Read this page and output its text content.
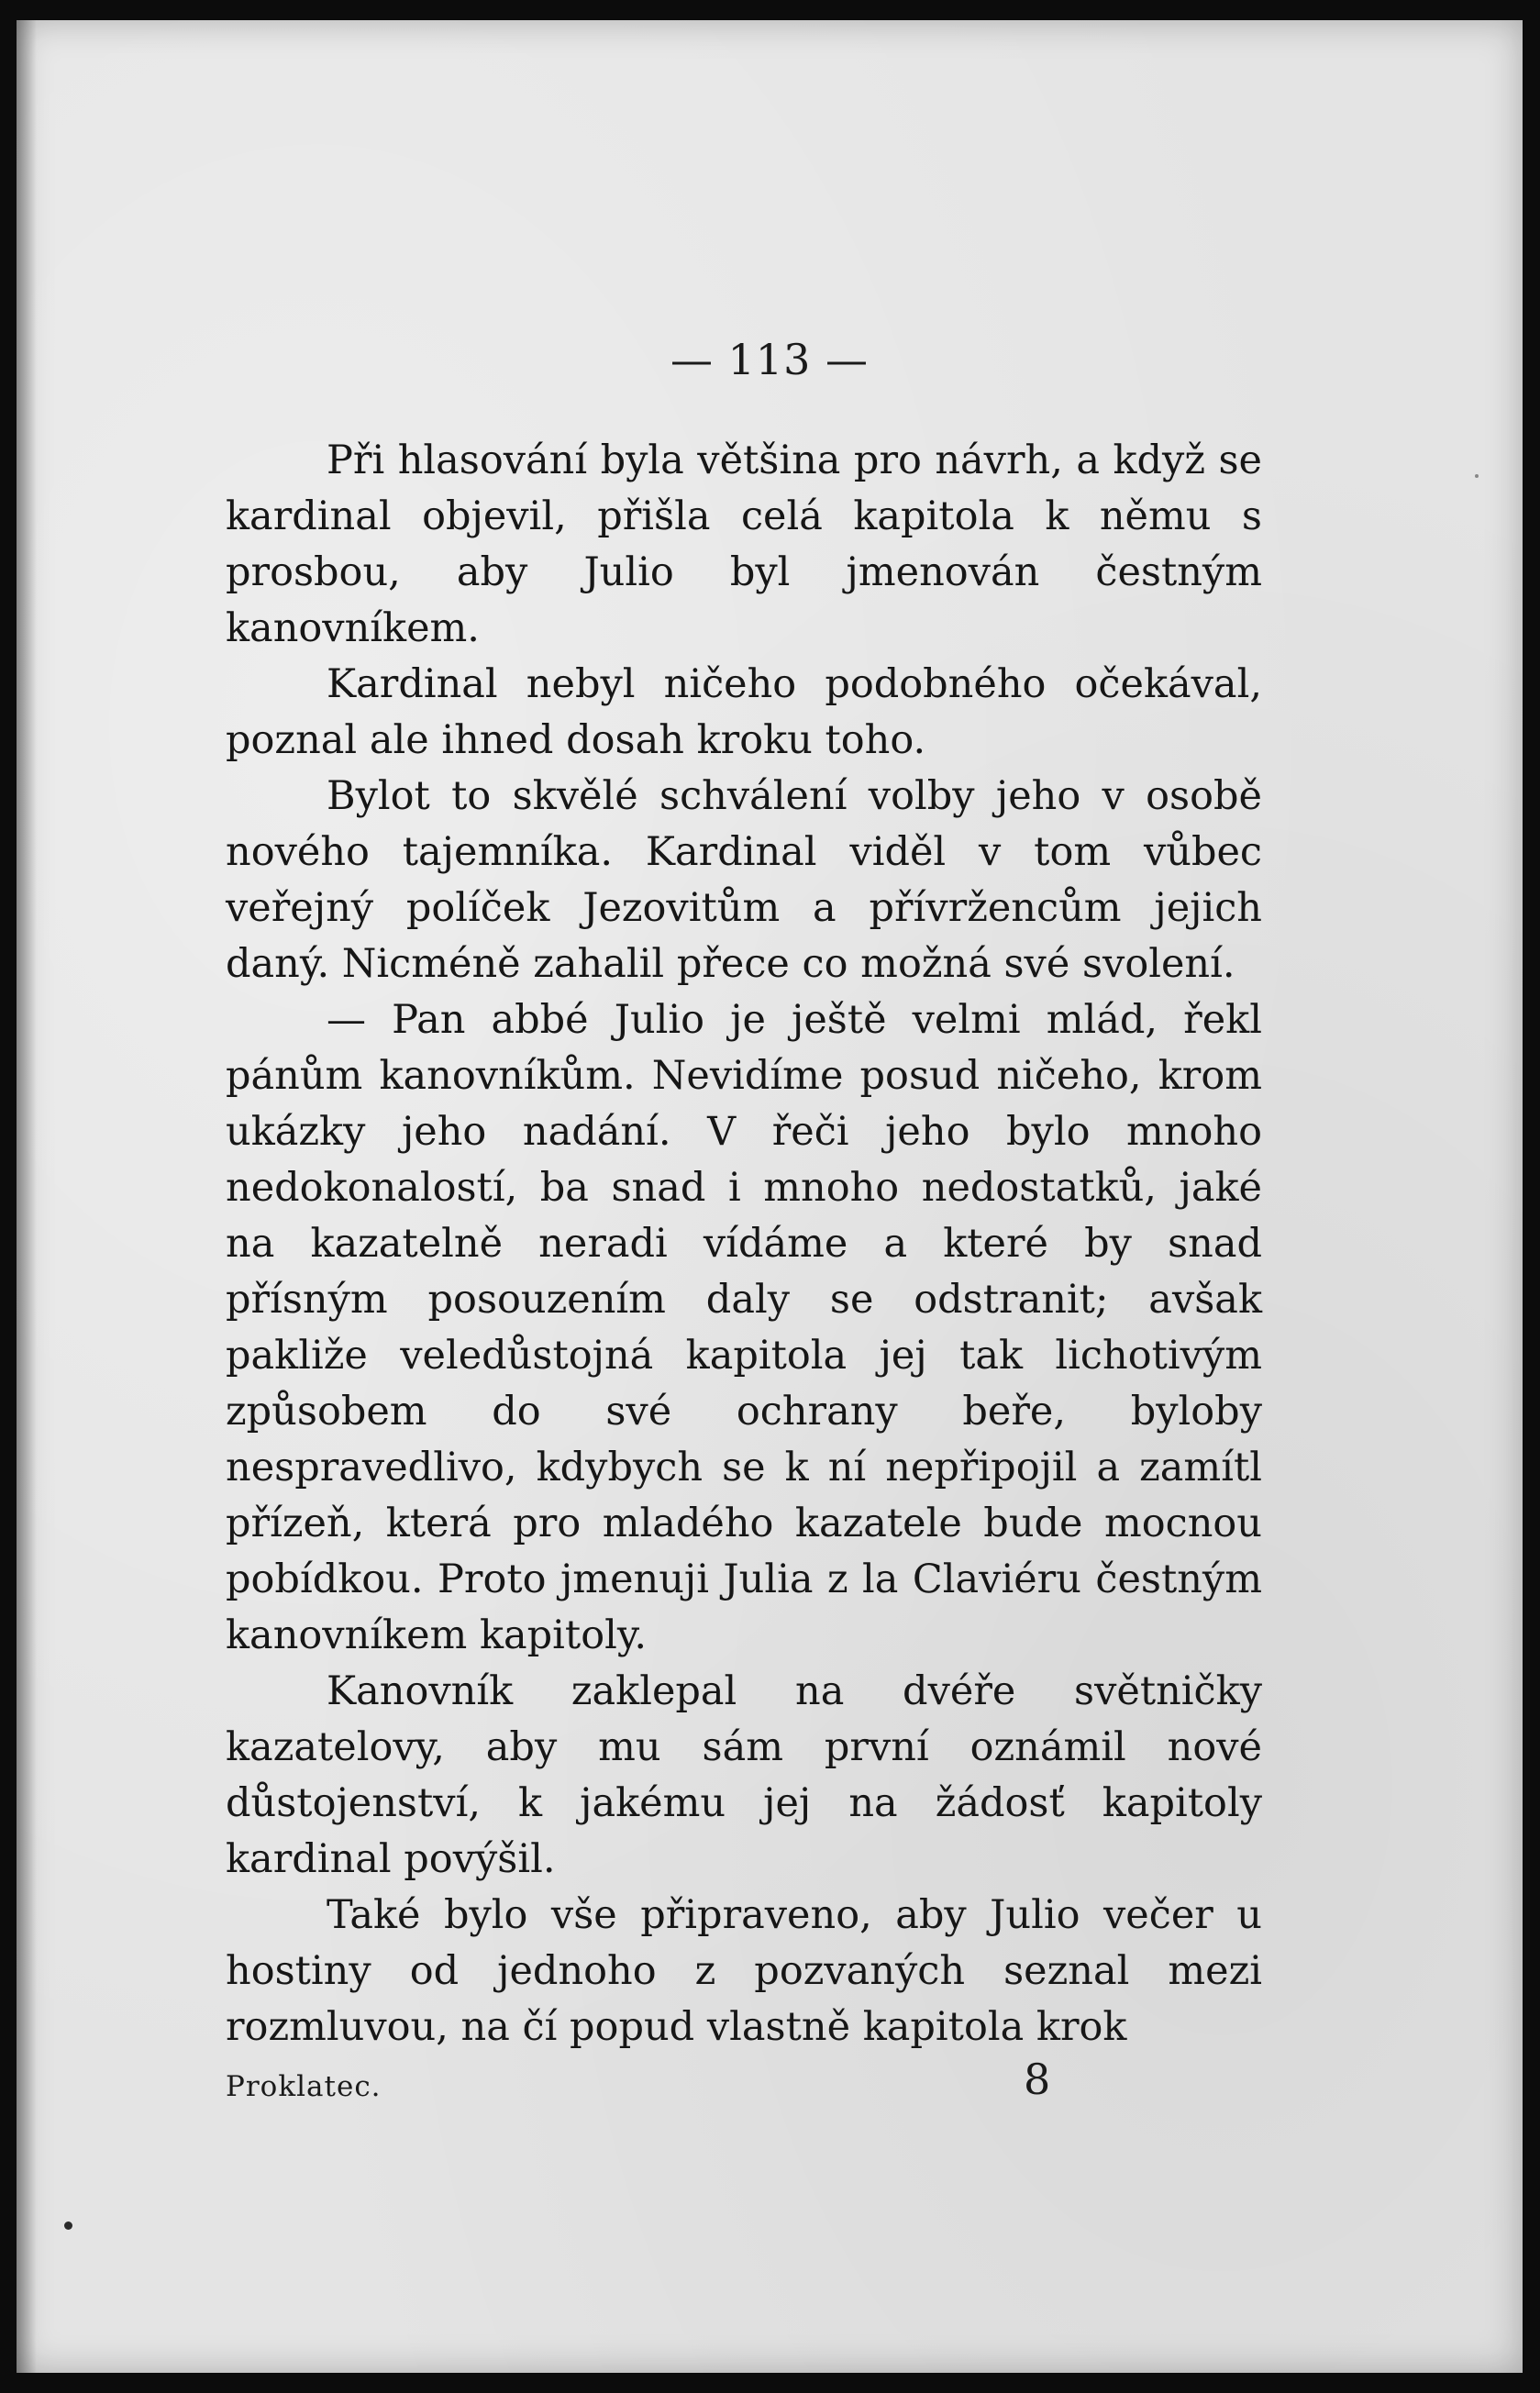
— 113 —

Při hlasování byla většina pro návrh, a když se kardinal objevil, přišla celá kapitola k němu s prosbou, aby Julio byl jmenován čestným kanovníkem.

Kardinal nebyl ničeho podobného očekával, poznal ale ihned dosah kroku toho.

Bylot to skvělé schválení volby jeho v osobě nového tajemníka. Kardinal viděl v tom vůbec veřejný políček Jezovitům a přívržencům jejich daný. Nicméně zahalil přece co možná své svolení.

— Pan abbé Julio je ještě velmi mlád, řekl pánům kanovníkům. Nevidíme posud ničeho, krom ukázky jeho nadání. V řeči jeho bylo mnoho nedokonalostí, ba snad i mnoho nedostatků, jaké na kazatelně neradi vídáme a které by snad přísným posouzením daly se odstranit; avšak pakliže veledůstojná kapitola jej tak lichotivým způsobem do své ochrany beře, byloby nespravedlivo, kdybych se k ní nepřipojil a zamítl přízeň, která pro mladého kazatele bude mocnou pobídkou. Proto jmenuji Julia z la Claviéru čestným kanovníkem kapitoly.

Kanovník zaklepal na dvéře světničky kazatelovy, aby mu sám první oznámil nové důstojenství, k jakému jej na žádosť kapitoly kardinal povýšil.

Také bylo vše připraveno, aby Julio večer u hostiny od jednoho z pozvaných seznal mezi rozmluvou, na čí popud vlastně kapitola krok

Proklatec.	8
